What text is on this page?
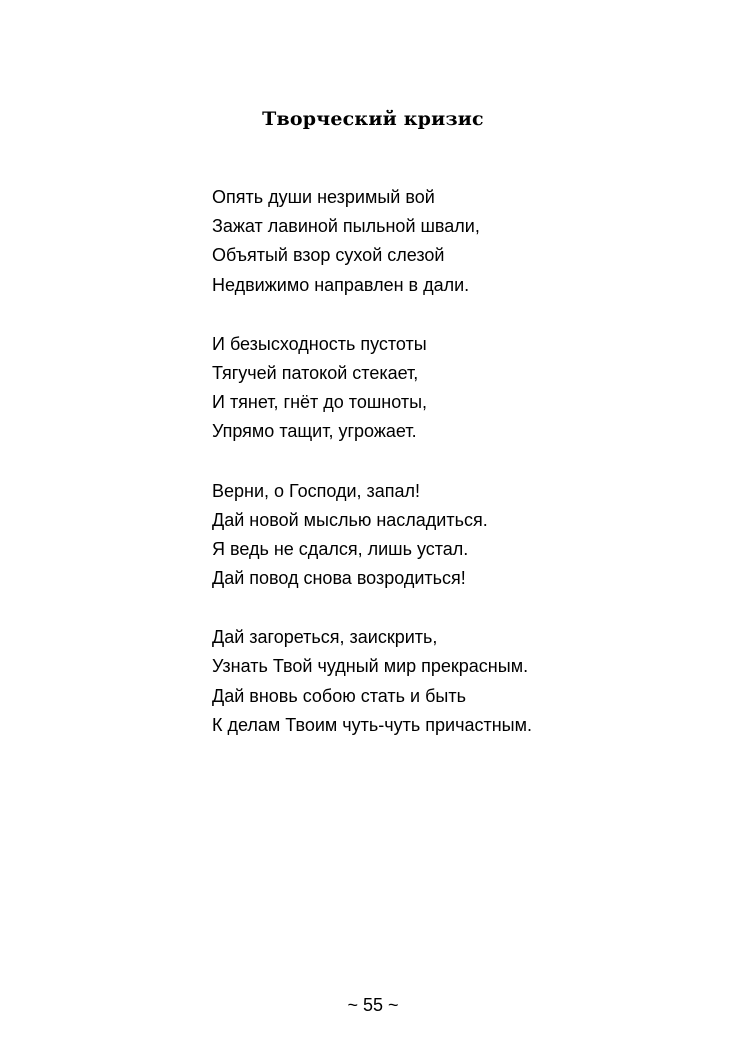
Творческий кризис
Опять души незримый вой
Зажат лавиной пыльной швали,
Объятый взор сухой слезой
Недвижимо направлен в дали.
И безысходность пустоты
Тягучей патокой стекает,
И тянет, гнёт до тошноты,
Упрямо тащит, угрожает.
Верни, о Господи, запал!
Дай новой мыслью насладиться.
Я ведь не сдался, лишь устал.
Дай повод снова возродиться!
Дай загореться, заискрить,
Узнать Твой чудный мир прекрасным.
Дай вновь собою стать и быть
К делам Твоим чуть-чуть причастным.
~ 55 ~
